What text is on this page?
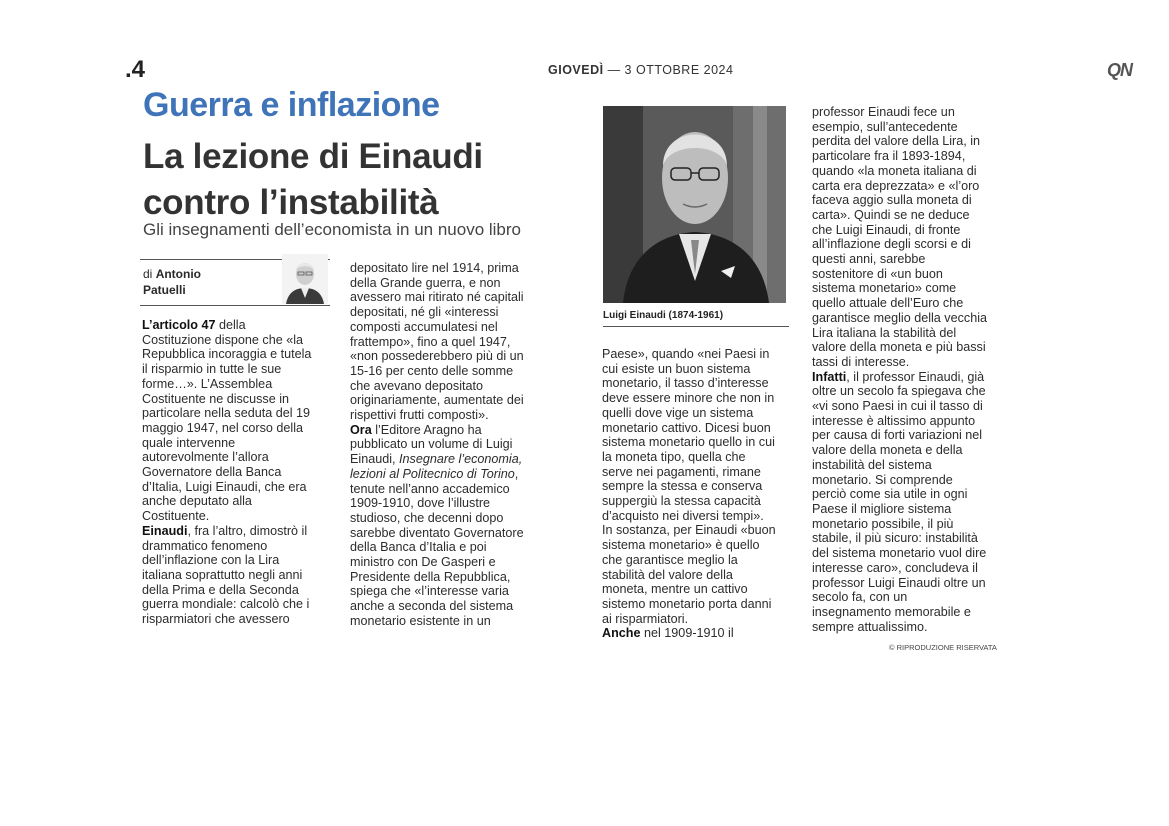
.4	GIOVEDÌ — 3 OTTOBRE 2024	QN
Guerra e inflazione
La lezione di Einaudi
contro l’instabilità
Gli insegnamenti dell’economista in un nuovo libro
di Antonio
Patuelli
L’articolo 47 della
Costituzione dispone che «la
Repubblica incoraggia e tutela
il risparmio in tutte le sue
forme…». L’Assemblea
Costituente ne discusse in
particolare nella seduta del 19
maggio 1947, nel corso della
quale intervenne
autorevolmente l’allora
Governatore della Banca
d’Italia, Luigi Einaudi, che era
anche deputato alla
Costituente.
Einaudi, fra l’altro, dimostrò il
drammatico fenomeno
dell’inflazione con la Lira
italiana soprattutto negli anni
della Prima e della Seconda
guerra mondiale: calcolò che i
risparmiatori che avessero
depositato lire nel 1914, prima
della Grande guerra, e non
avessero mai ritirato né capitali
depositati, né gli «interessi
composti accumulatesi nel
frattempo», fino a quel 1947,
«non possederebbero più di un
15-16 per cento delle somme
che avevano depositato
originariamente, aumentate dei
rispettivi frutti composti».
Ora l’Editore Aragno ha
pubblicato un volume di Luigi
Einaudi, Insegnare l’economia,
lezioni al Politecnico di Torino,
tenute nell’anno accademico
1909-1910, dove l’illustre
studioso, che decenni dopo
sarebbe diventato Governatore
della Banca d’Italia e poi
ministro con De Gasperi e
Presidente della Repubblica,
spiega che «l’interesse varia
anche a seconda del sistema
monetario esistente in un
Luigi Einaudi (1874-1961)
Paese», quando «nei Paesi in
cui esiste un buon sistema
monetario, il tasso d’interesse
deve essere minore che non in
quelli dove vige un sistema
monetario cattivo. Dicesi buon
sistema monetario quello in cui
la moneta tipo, quella che
serve nei pagamenti, rimane
sempre la stessa e conserva
suppergiù la stessa capacità
d’acquisto nei diversi tempi».
In sostanza, per Einaudi «buon
sistema monetario» è quello
che garantisce meglio la
stabilità del valore della
moneta, mentre un cattivo
sistemo monetario porta danni
ai risparmiatori.
Anche nel 1909-1910 il
professor Einaudi fece un
esempio, sull’antecedente
perdita del valore della Lira, in
particolare fra il 1893-1894,
quando «la moneta italiana di
carta era deprezzata» e «l’oro
faceva aggio sulla moneta di
carta». Quindi se ne deduce
che Luigi Einaudi, di fronte
all’inflazione degli scorsi e di
questi anni, sarebbe
sostenitore di «un buon
sistema monetario» come
quello attuale dell’Euro che
garantisce meglio della vecchia
Lira italiana la stabilità del
valore della moneta e più bassi
tassi di interesse.
Infatti, il professor Einaudi, già
oltre un secolo fa spiegava che
«vi sono Paesi in cui il tasso di
interesse è altissimo appunto
per causa di forti variazioni nel
valore della moneta e della
instabilità del sistema
monetario. Si comprende
perciò come sia utile in ogni
Paese il migliore sistema
monetario possibile, il più
stabile, il più sicuro: instabilità
del sistema monetario vuol dire
interesse caro», concludeva il
professor Luigi Einaudi oltre un
secolo fa, con un
insegnamento memorabile e
sempre attualissimo.
© RIPRODUZIONE RISERVATA
